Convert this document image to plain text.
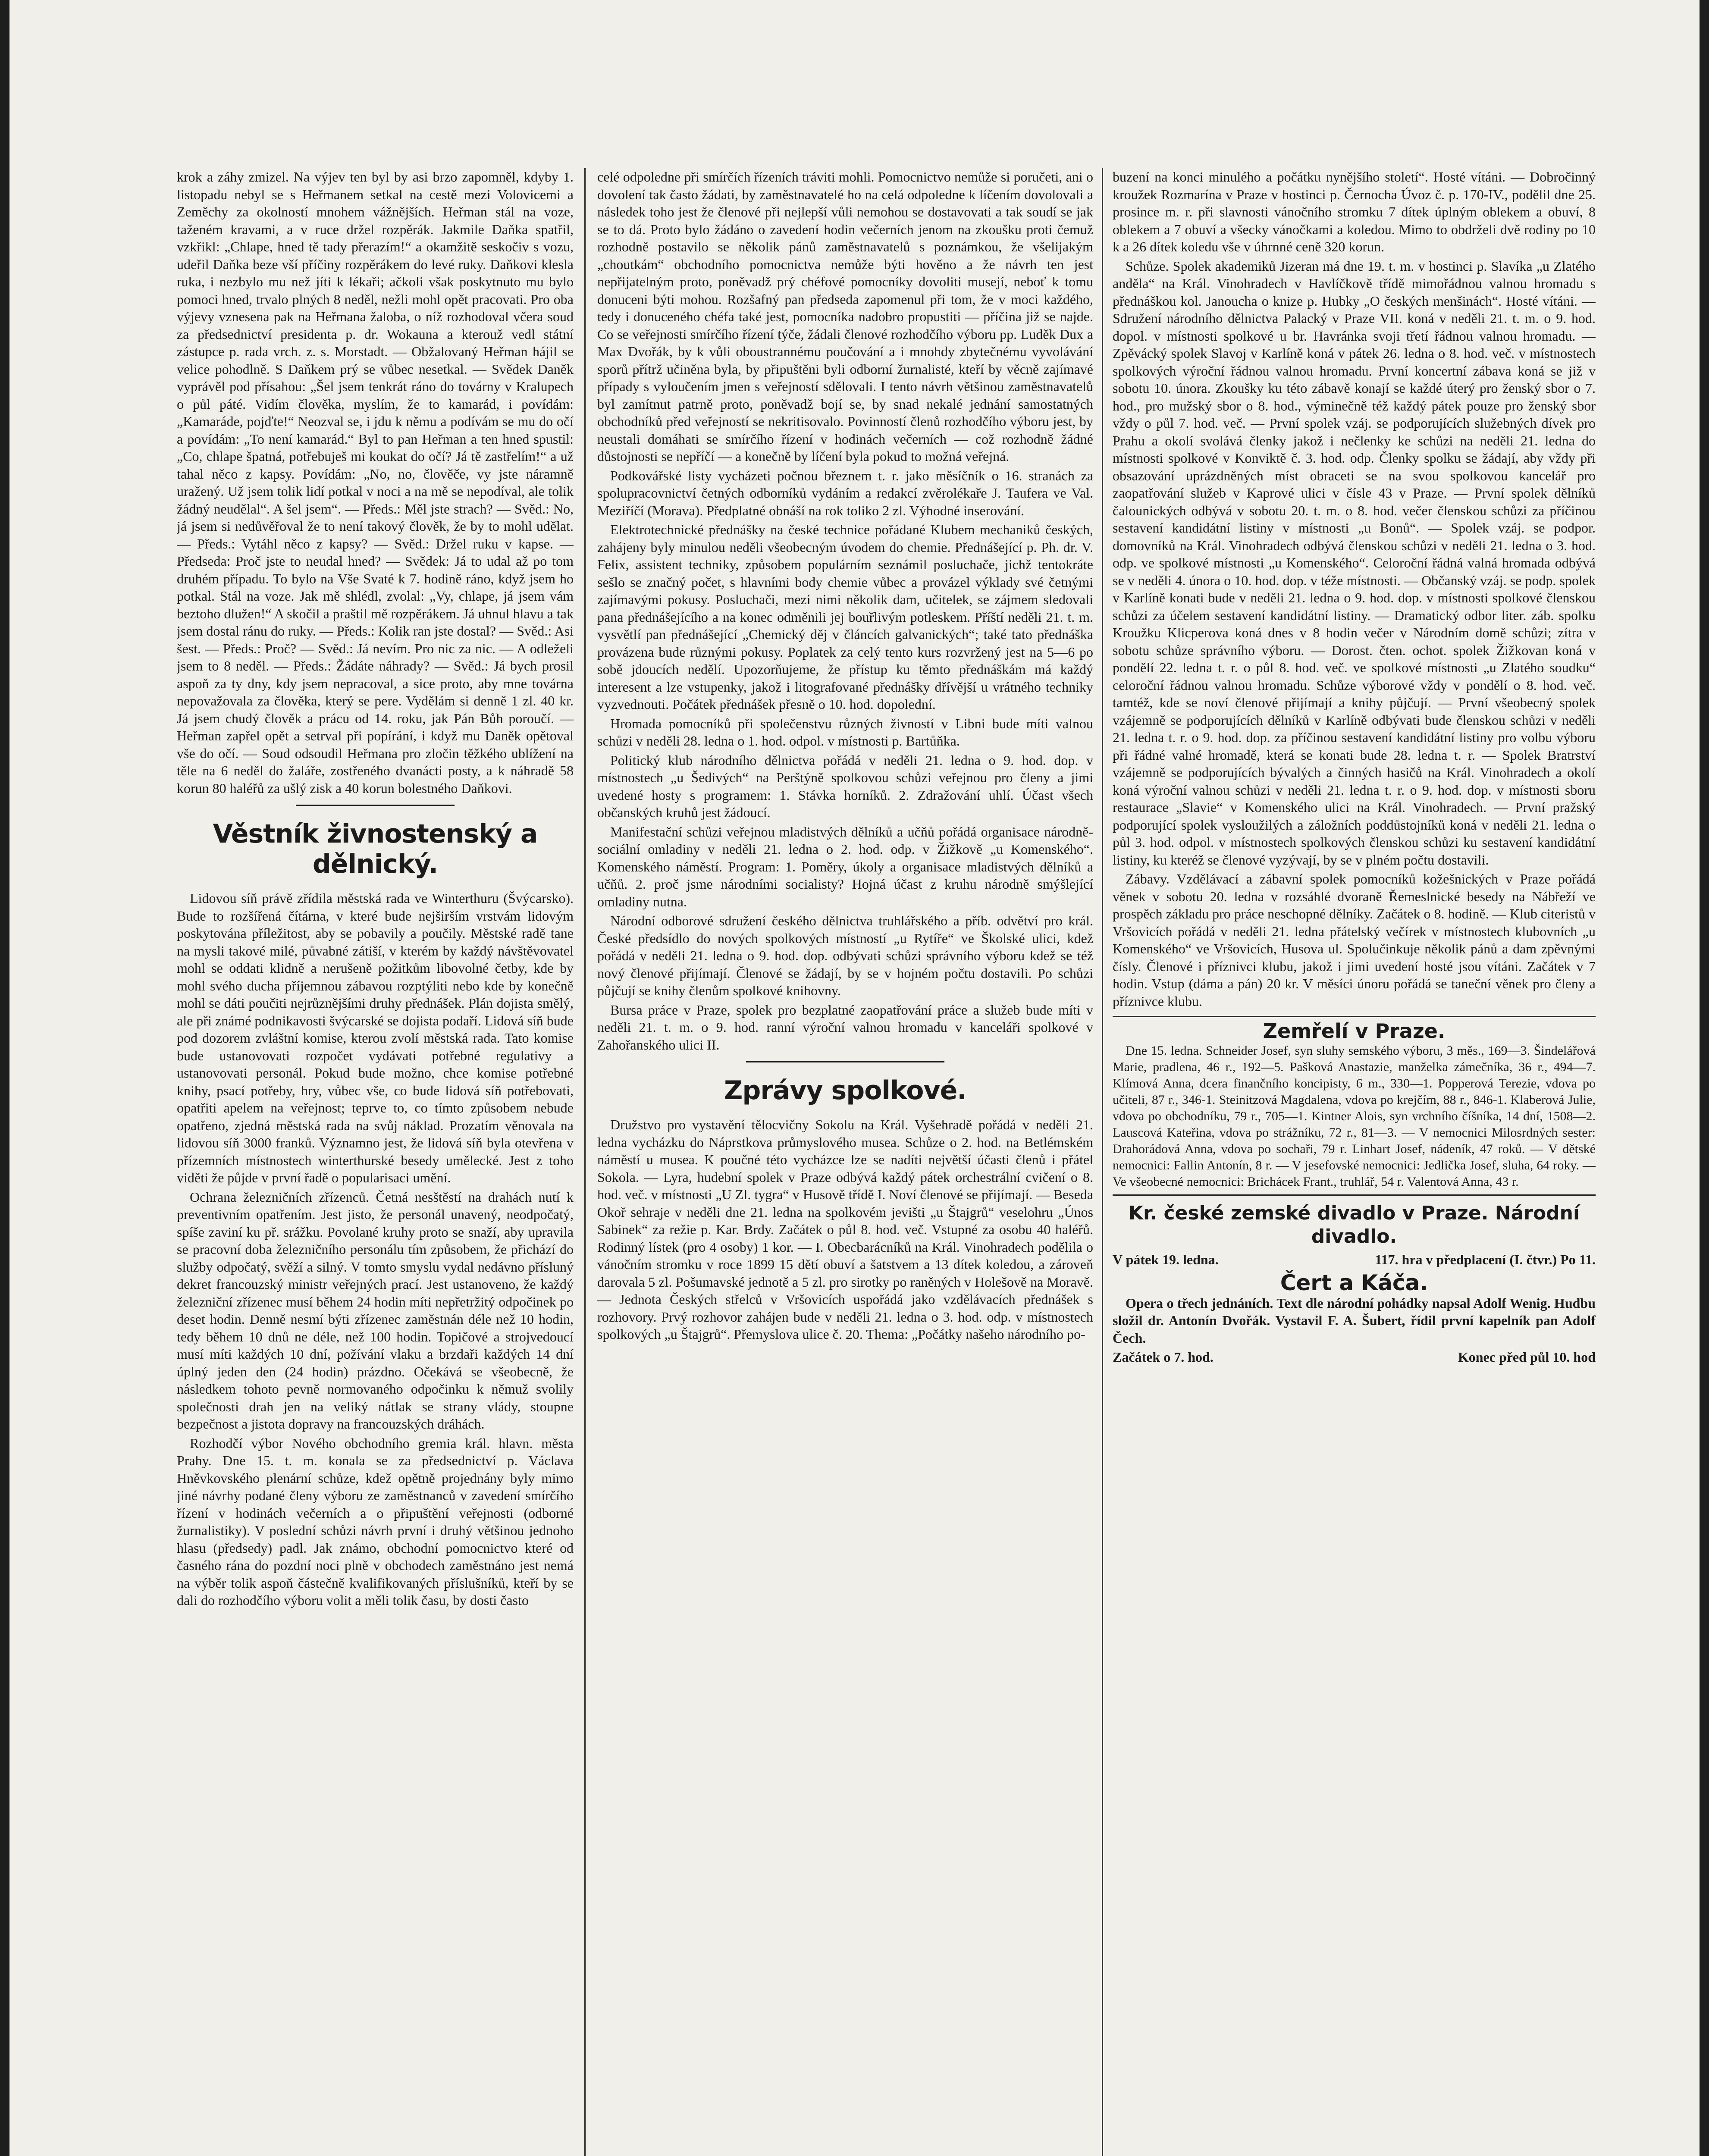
krok a záhy zmizel. Na výjev ten byl by asi brzo zapomněl, kdyby 1. listopadu nebyl se s Heřmanem setkal na cestě mezi Volovicemi a Zeměchy za okolností mnohem vážnějších. Heřman stál na voze, taženém kravami, a v ruce držel rozpěrák. Jakmile Daňka spatřil, vzkřikl: „Chlape, hned tě tady přerazím!“ a okamžitě seskočiv s vozu, udeřil Daňka beze vší příčiny rozpěrákem do levé ruky. Daňkovi klesla ruka, i nezbylo mu než jíti k lékaři; ačkoli však poskytnuto mu bylo pomoci hned, trvalo plných 8 neděl, nežli mohl opět pracovati. Pro oba výjevy vznesena pak na Heřmana žaloba, o níž rozhodoval včera soud za předsednictví presidenta p. dr. Wokauna a kterouž vedl státní zástupce p. rada vrch. z. s. Morstadt. — Obžalovaný Heřman hájil se velice pohodlně. S Daňkem prý se vůbec nesetkal. — Svědek Daněk vyprávěl pod přísahou: „Šel jsem tenkrát ráno do továrny v Kralupech o půl páté. Vidím člověka, myslím, že to kamarád, i povídám: „Kamaráde, pojďte!“ Neozval se, i jdu k němu a podívám se mu do očí a povídám: „To není kamarád.“ Byl to pan Heřman a ten hned spustil: „Co, chlape špatná, potřebuješ mi koukat do očí? Já tě zastřelím!“ a už tahal něco z kapsy. Povídám: „No, no, člověče, vy jste náramně uražený. Už jsem tolik lidí potkal v noci a na mě se nepodíval, ale tolik žádný neudělal“. A šel jsem“. — Předs.: Měl jste strach? — Svěd.: No, já jsem si nedůvěřoval že to není takový člověk, že by to mohl udělat. — Předs.: Vytáhl něco z kapsy? — Svěd.: Držel ruku v kapse. — Předseda: Proč jste to neudal hned? — Svědek: Já to udal až po tom druhém případu. To bylo na Vše Svaté k 7. hodině ráno, když jsem ho potkal. Stál na voze. Jak mě shlédl, zvolal: „Vy, chlape, já jsem vám beztoho dlužen!“ A skočil a praštil mě rozpěrákem. Já uhnul hlavu a tak jsem dostal ránu do ruky. — Předs.: Kolik ran jste dostal? — Svěd.: Asi šest. — Předs.: Proč? — Svěd.: Já nevím. Pro nic za nic. — A odleželi jsem to 8 neděl. — Předs.: Žádáte náhrady? — Svěd.: Já bych prosil aspoň za ty dny, kdy jsem nepracoval, a sice proto, aby mne továrna nepovažovala za člověka, který se pere. Vydělám si denně 1 zl. 40 kr. Já jsem chudý člověk a prácu od 14. roku, jak Pán Bůh poroučí. — Heřman zapřel opět a setrval při popírání, i když mu Daněk opětoval vše do očí. — Soud odsoudil Heřmana pro zločin těžkého ublížení na těle na 6 neděl do žaláře, zostřeného dvanácti posty, a k náhradě 58 korun 80 haléřů za ušlý zisk a 40 korun bolestného Daňkovi.

Věstník živnostenský a dělnický.

Lidovou síň právě zřídila městská rada ve Winterthuru (Švýcarsko). Bude to rozšířená čítárna, v které bude nejširším vrstvám lidovým poskytována příležitost, aby se pobavily a poučily. Městské radě tane na mysli takové milé, půvabné zátiší, v kterém by každý návštěvovatel mohl se oddati klidně a nerušeně požitkům libovolné četby, kde by mohl svého ducha příjemnou zábavou rozptýliti nebo kde by konečně mohl se dáti poučiti nejrůznějšími druhy přednášek. Plán dojista smělý, ale při známé podnikavosti švýcarské se dojista podaří. Lidová síň bude pod dozorem zvláštní komise, kterou zvolí městská rada. Tato komise bude ustanovovati rozpočet vydávati potřebné regulativy a ustanovovati personál. Pokud bude možno, chce komise potřebné knihy, psací potřeby, hry, vůbec vše, co bude lidová síň potřebovati, opatřiti apelem na veřejnost; teprve to, co tímto způsobem nebude opatřeno, zjedná městská rada na svůj náklad. Prozatím věnovala na lidovou síň 3000 franků. Významno jest, že lidová síň byla otevřena v přízemních místnostech winterthurské besedy umělecké. Jest z toho viděti že půjde v první řadě o popularisaci umění.

Ochrana železničních zřízenců. Četná nesštěstí na drahách nutí k preventivním opatřením. Jest jisto, že personál unavený, neodpočatý, spíše zaviní ku př. srážku. Povolané kruhy proto se snaží, aby upravila se pracovní doba železničního personálu tím způsobem, že přichází do služby odpočatý, svěží a silný. V tomto smyslu vydal nedávno přísluný dekret francouzský ministr veřejných prací. Jest ustanoveno, že každý železniční zřízenec musí během 24 hodin míti nepřetržitý odpočinek po deset hodin. Denně nesmí býti zřízenec zaměstnán déle než 10 hodin, tedy během 10 dnů ne déle, než 100 hodin. Topičové a strojvedoucí musí míti každých 10 dní, požívání vlaku a brzdaři každých 14 dní úplný jeden den (24 hodin) prázdno. Očekává se všeobecně, že následkem tohoto pevně normovaného odpočinku k němuž svolily společnosti drah jen na veliký nátlak se strany vlády, stoupne bezpečnost a jistota dopravy na francouzských dráhách.

Rozhodčí výbor Nového obchodního gremia král. hlavn. města Prahy. Dne 15. t. m. konala se za předsednictví p. Václava Hněvkovského plenární schůze, kdež opětně projednány byly mimo jiné návrhy podané členy výboru ze zaměstnanců v zavedení smírčího řízení v hodinách večerních a o připuštění veřejnosti (odborné žurnalistiky). V poslední schůzi návrh první i druhý většinou jednoho hlasu (předsedy) padl. Jak známo, obchodní pomocnictvo které od časného rána do pozdní noci plně v obchodech zaměstnáno jest nemá na výběr tolik aspoň částečně kvalifikovaných příslušníků, kteří by se dali do rozhodčího výboru volit a měli tolik času, by dosti často

celé odpoledne při smírčích řízeních tráviti mohli. Pomocnictvo nemůže si poručeti, ani o dovolení tak často žádati, by zaměstnavatelé ho na celá odpoledne k líčením dovolovali a následek toho jest že členové při nejlepší vůli nemohou se dostavovati a tak soudí se jak se to dá. Proto bylo žádáno o zavedení hodin večerních jenom na zkoušku proti čemuž rozhodně postavilo se několik pánů zaměstnavatelů s poznámkou, že všelijakým „choutkám“ obchodního pomocnictva nemůže býti hověno a že návrh ten jest nepřijatelným proto, poněvadž prý chéfové pomocníky dovoliti musejí, neboť k tomu donuceni býti mohou. Rozšafný pan předseda zapomenul při tom, že v moci každého, tedy i donuceného chéfa také jest, pomocníka nadobro propustiti — příčina již se najde. Co se veřejnosti smírčího řízení týče, žádali členové rozhodčího výboru pp. Luděk Dux a Max Dvořák, by k vůli oboustrannému poučování a i mnohdy zbytečnému vyvolávání sporů přítrž učiněna byla, by připuštěni byli odborní žurnalisté, kteří by věcně zajímavé případy s vyloučením jmen s veřejností sdělovali. I tento návrh většinou zaměstnavatelů byl zamítnut patrně proto, poněvadž bojí se, by snad nekalé jednání samostatných obchodníků před veřejností se nekritisovalo. Povinností členů rozhodčího výboru jest, by neustali domáhati se smírčího řízení v hodinách večerních — což rozhodně žádné důstojnosti se nepříčí — a konečně by líčení byla pokud to možná veřejná.

Podkovářské listy vycházeti počnou březnem t. r. jako měsíčník o 16. stranách za spolupracovnictví četných odborníků vydáním a redakcí zvěrolékaře J. Taufera ve Val. Meziříčí (Morava). Předplatné obnáší na rok toliko 2 zl. Výhodné inserování.

Elektrotechnické přednášky na české technice pořádané Klubem mechaniků českých, zahájeny byly minulou neděli všeobecným úvodem do chemie. Přednášející p. Ph. dr. V. Felix, assistent techniky, způsobem populárním seznámil posluchače, jichž tentokráte sešlo se značný počet, s hlavními body chemie vůbec a provázel výklady své četnými zajímavými pokusy. Posluchači, mezi nimi několik dam, učitelek, se zájmem sledovali pana přednášejícího a na konec odměnili jej bouřlivým potleskem. Příští neděli 21. t. m. vysvětlí pan přednášející „Chemický děj v článcích galvanických“; také tato přednáška provázena bude různými pokusy. Poplatek za celý tento kurs rozvržený jest na 5—6 po sobě jdoucích nedělí. Upozorňujeme, že přístup ku těmto přednáškám má každý interesent a lze vstupenky, jakož i litografované přednášky dřívější u vrátného techniky vyzvednouti. Počátek přednášek přesně o 10. hod. dopolední.

Hromada pomocníků při společenstvu různých živností v Libni bude míti valnou schůzi v neděli 28. ledna o 1. hod. odpol. v místnosti p. Bartůňka.

Politický klub národního dělnictva pořádá v neděli 21. ledna o 9. hod. dop. v místnostech „u Šedivých“ na Perštýně spolkovou schůzi veřejnou pro členy a jimi uvedené hosty s programem: 1. Stávka horníků. 2. Zdražování uhlí. Účast všech občanských kruhů jest žádoucí.

Manifestační schůzi veřejnou mladistvých dělníků a učňů pořádá organisace národně-sociální omladiny v neděli 21. ledna o 2. hod. odp. v Žižkově „u Komenského“. Komenského náměstí. Program: 1. Poměry, úkoly a organisace mladistvých dělníků a učňů. 2. proč jsme národními socialisty? Hojná účast z kruhu národně smýšlející omladiny nutna.

Národní odborové sdružení českého dělnictva truhlářského a příb. odvětví pro král. České předsídlo do nových spolkových místností „u Rytíře“ ve Školské ulici, kdež pořádá v neděli 21. ledna o 9. hod. dop. odbývati schůzi správního výboru kdež se též nový členové přijímají. Členové se žádají, by se v hojném počtu dostavili. Po schůzi půjčují se knihy členům spolkové knihovny.

Bursa práce v Praze, spolek pro bezplatné zaopatřování práce a služeb bude míti v neděli 21. t. m. o 9. hod. ranní výroční valnou hromadu v kanceláři spolkové v Zahořanského ulici II.

Zprávy spolkové.

Družstvo pro vystavění tělocvičny Sokolu na Král. Vyšehradě pořádá v neděli 21. ledna vycházku do Náprstkova průmyslového musea. Schůze o 2. hod. na Betlémském náměstí u musea. K poučné této vycházce lze se nadíti největší účasti členů i přátel Sokola. — Lyra, hudební spolek v Praze odbývá každý pátek orchestrální cvičení o 8. hod. več. v místnosti „U Zl. tygra“ v Husově třídě I. Noví členové se přijímají. — Beseda Okoř sehraje v neděli dne 21. ledna na spolkovém jevišti „u Štajgrů“ veselohru „Únos Sabinek“ za režie p. Kar. Brdy. Začátek o půl 8. hod. več. Vstupné za osobu 40 haléřů. Rodinný lístek (pro 4 osoby) 1 kor. — I. Obecbarácníků na Král. Vinohradech podělila o vánočním stromku v roce 1899 15 dětí obuví a šatstvem a 13 dítek koledou, a zároveň darovala 5 zl. Pošumavské jednotě a 5 zl. pro sirotky po raněných v Holešově na Moravě. — Jednota Českých střelců v Vršovicích uspořádá jako vzdělávacích přednášek s rozhovory. Prvý rozhovor zahájen bude v neděli 21. ledna o 3. hod. odp. v místnostech spolkových „u Štajgrů“. Přemyslova ulice č. 20. Thema: „Počátky našeho národního po-

buzení na konci minulého a počátku nynějšího století“. Hosté vítáni. — Dobročinný kroužek Rozmarína v Praze v hostinci p. Černocha Úvoz č. p. 170-IV., podělil dne 25. prosince m. r. při slavnosti vánočního stromku 7 dítek úplným oblekem a obuví, 8 oblekem a 7 obuví a všecky vánočkami a koledou. Mimo to obdrželi dvě rodiny po 10 k a 26 dítek koledu vše v úhrnné ceně 320 korun.

Schůze. Spolek akademiků Jizeran má dne 19. t. m. v hostinci p. Slavíka „u Zlatého anděla“ na Král. Vinohradech v Havlíčkově třídě mimořádnou valnou hromadu s přednáškou kol. Janoucha o knize p. Hubky „O českých menšinách“. Hosté vítáni. — Sdružení národního dělnictva Palacký v Praze VII. koná v neděli 21. t. m. o 9. hod. dopol. v místnosti spolkové u br. Havránka svoji třetí řádnou valnou hromadu. — Zpěvácký spolek Slavoj v Karlíně koná v pátek 26. ledna o 8. hod. več. v místnostech spolkových výroční řádnou valnou hromadu. První koncertní zábava koná se již v sobotu 10. února. Zkoušky ku této zábavě konají se každé úterý pro ženský sbor o 7. hod., pro mužský sbor o 8. hod., výminečně též každý pátek pouze pro ženský sbor vždy o půl 7. hod. več. — První spolek vzáj. se podporujících služebných dívek pro Prahu a okolí svolává členky jakož i nečlenky ke schůzi na neděli 21. ledna do místnosti spolkové v Konviktě č. 3. hod. odp. Členky spolku se žádají, aby vždy při obsazování uprázdněných míst obraceti se na svou spolkovou kancelář pro zaopatřování služeb v Kaprové ulici v čísle 43 v Praze. — První spolek dělníků čalounických odbývá v sobotu 20. t. m. o 8. hod. večer členskou schůzi za příčinou sestavení kandidátní listiny v místnosti „u Bonů“. — Spolek vzáj. se podpor. domovníků na Král. Vinohradech odbývá členskou schůzi v neděli 21. ledna o 3. hod. odp. ve spolkové místnosti „u Komenského“. Celoroční řádná valná hromada odbývá se v neděli 4. února o 10. hod. dop. v téže místnosti. — Občanský vzáj. se podp. spolek v Karlíně konati bude v neděli 21. ledna o 9. hod. dop. v místnosti spolkové členskou schůzi za účelem sestavení kandidátní listiny. — Dramatický odbor liter. záb. spolku Kroužku Klicperova koná dnes v 8 hodin večer v Národním domě schůzi; zítra v sobotu schůze správního výboru. — Dorost. čten. ochot. spolek Žižkovan koná v pondělí 22. ledna t. r. o půl 8. hod. več. ve spolkové místnosti „u Zlatého soudku“ celoroční řádnou valnou hromadu. Schůze výborové vždy v pondělí o 8. hod. več. tamtéž, kde se noví členové přijímají a knihy půjčují. — První všeobecný spolek vzájemně se podporujících dělníků v Karlíně odbývati bude členskou schůzi v neděli 21. ledna t. r. o 9. hod. dop. za příčinou sestavení kandidátní listiny pro volbu výboru při řádné valné hromadě, která se konati bude 28. ledna t. r. — Spolek Bratrství vzájemně se podporujících bývalých a činných hasičů na Král. Vinohradech a okolí koná výroční valnou schůzi v neděli 21. ledna t. r. o 9. hod. dop. v místnosti sboru restaurace „Slavie“ v Komenského ulici na Král. Vinohradech. — První pražský podporující spolek vysloužilých a záložních poddůstojníků koná v neděli 21. ledna o půl 3. hod. odpol. v místnostech spolkových členskou schůzi ku sestavení kandidátní listiny, ku kteréž se členové vyzývají, by se v plném počtu dostavili.

Zábavy. Vzdělávací a zábavní spolek pomocníků kožešnických v Praze pořádá věnek v sobotu 20. ledna v rozsáhlé dvoraně Řemeslnické besedy na Nábřeží ve prospěch základu pro práce neschopné dělníky. Začátek o 8. hodině. — Klub citeristů v Vršovicích pořádá v neděli 21. ledna přátelský večírek v místnostech klubovních „u Komenského“ ve Vršovicích, Husova ul. Spolučinkuje několik pánů a dam zpěvnými čísly. Členové i příznivci klubu, jakož i jimi uvedení hosté jsou vítáni. Začátek v 7 hodin. Vstup (dáma a pán) 20 kr. V měsíci únoru pořádá se taneční věnek pro členy a příznivce klubu.

Zemřelí v Praze.

Dne 15. ledna. Schneider Josef, syn sluhy semského výboru, 3 měs., 169—3. Šindelářová Marie, pradlena, 46 r., 192—5. Pašková Anastazie, manželka zámečníka, 36 r., 494—7. Klímová Anna, dcera finančního koncipisty, 6 m., 330—1. Popperová Terezie, vdova po učiteli, 87 r., 346-1. Steinitzová Magdalena, vdova po krejčím, 88 r., 846-1. Klaberová Julie, vdova po obchodníku, 79 r., 705—1. Kintner Alois, syn vrchního číšníka, 14 dní, 1508—2. Lauscová Kateřina, vdova po strážníku, 72 r., 81—3. — V nemocnici Milosrdných sester: Drahorádová Anna, vdova po sochaři, 79 r. Linhart Josef, nádeník, 47 roků. — V dětské nemocnici: Fallin Antonín, 8 r. — V jesefovské nemocnici: Jedlička Josef, sluha, 64 roky. — Ve všeobecné nemocnici: Brichácek Frant., truhlář, 54 r. Valentová Anna, 43 r.

Kr. české zemské divadlo v Praze. Národní divadlo.
V pátek 19. ledna.	117. hra v předplacení (I. čtvr.) Po 11.
Čert a Káča.

Opera o třech jednáních. Text dle národní pohádky napsal Adolf Wenig. Hudbu složil dr. Antonín Dvořák. Vystavil F. A. Šubert, řídil první kapelník pan Adolf Čech.

Začátek o 7. hod.	Konec před půl 10. hod
